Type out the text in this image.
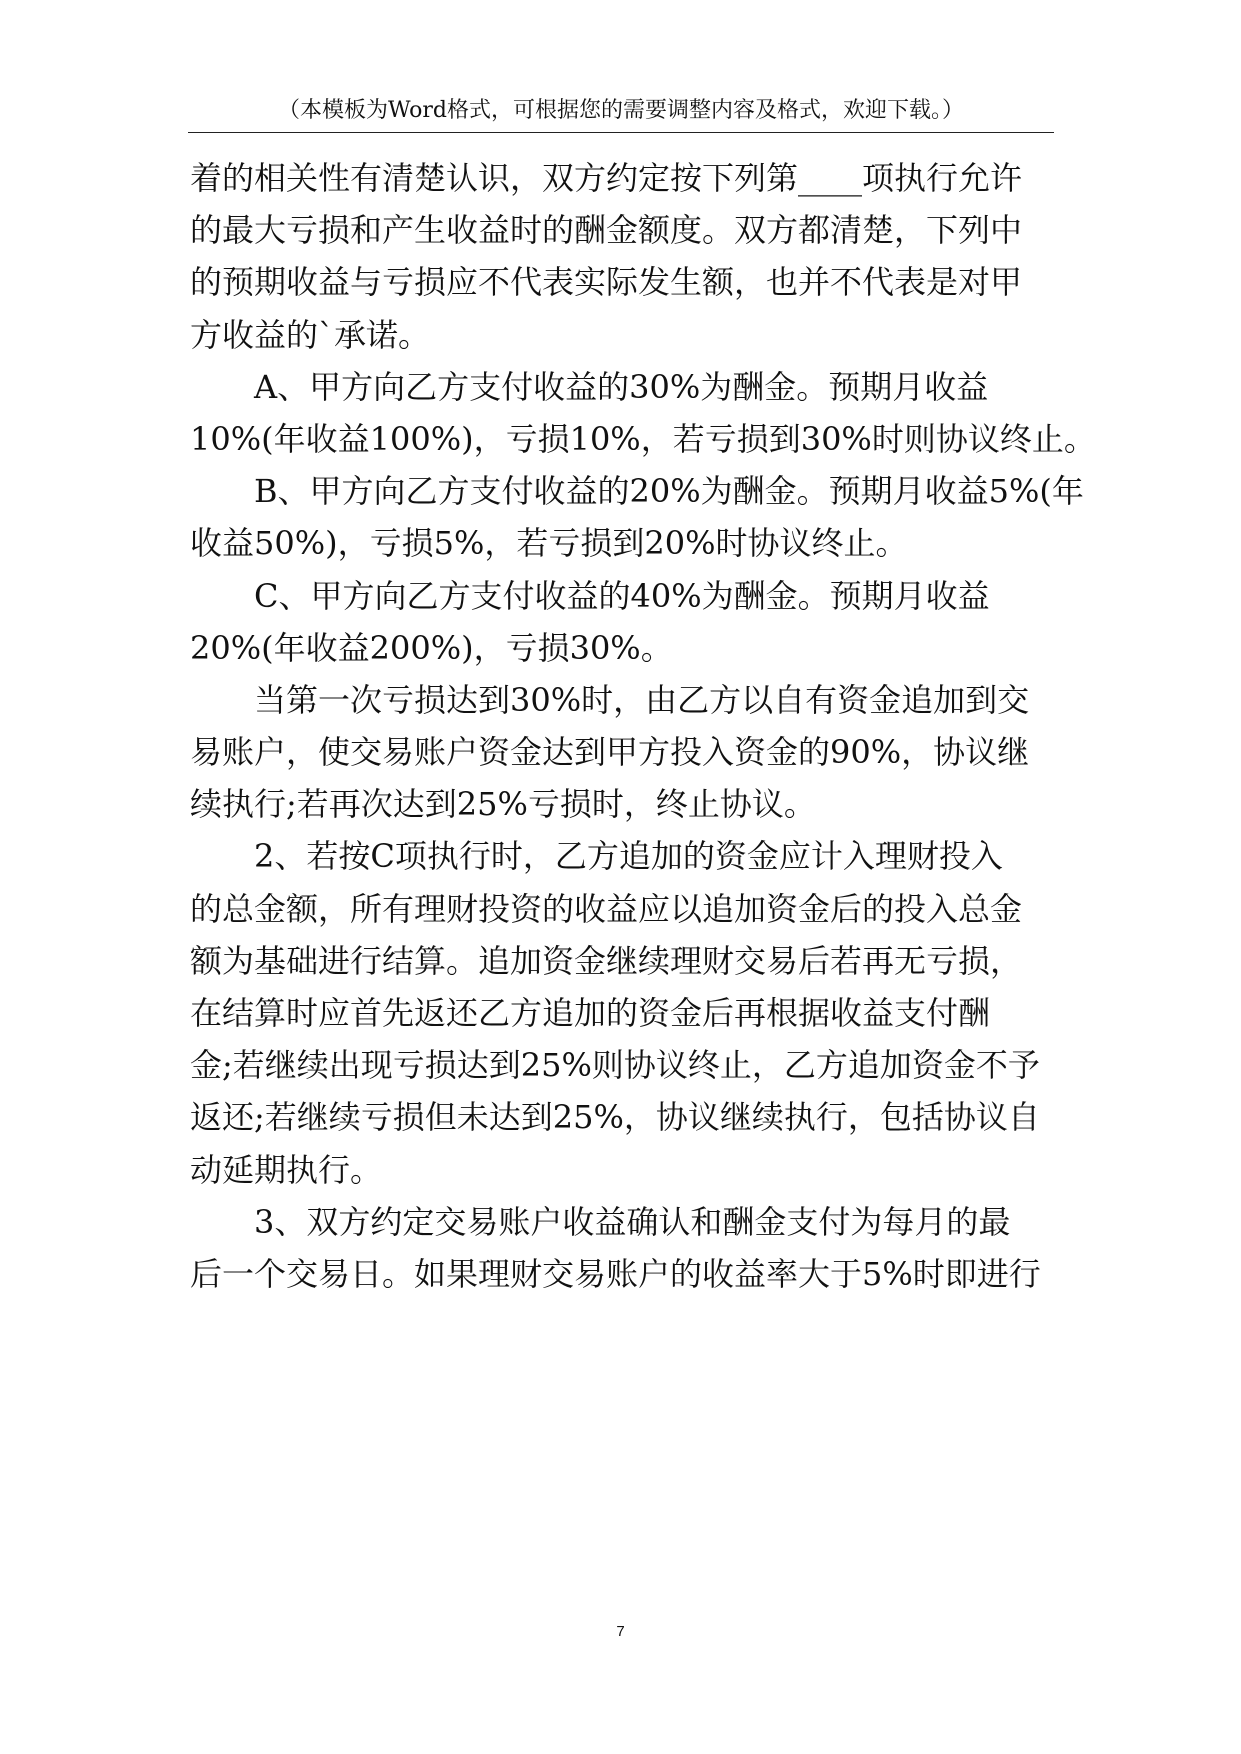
（本模板为Word格式，可根据您的需要调整内容及格式，欢迎下载。）
着的相关性有清楚认识，双方约定按下列第____项执行允许
的最大亏损和产生收益时的酬金额度。双方都清楚，下列中
的预期收益与亏损应不代表实际发生额，也并不代表是对甲
方收益的`承诺。
A、甲方向乙方支付收益的30%为酬金。预期月收益
10%(年收益100%)，亏损10%，若亏损到30%时则协议终止。
B、甲方向乙方支付收益的20%为酬金。预期月收益5%(年
收益50%)，亏损5%，若亏损到20%时协议终止。
C、甲方向乙方支付收益的40%为酬金。预期月收益
20%(年收益200%)，亏损30%。
当第一次亏损达到30%时，由乙方以自有资金追加到交
易账户，使交易账户资金达到甲方投入资金的90%，协议继
续执行;若再次达到25%亏损时，终止协议。
2、若按C项执行时，乙方追加的资金应计入理财投入
的总金额，所有理财投资的收益应以追加资金后的投入总金
额为基础进行结算。追加资金继续理财交易后若再无亏损，
在结算时应首先返还乙方追加的资金后再根据收益支付酬
金;若继续出现亏损达到25%则协议终止，乙方追加资金不予
返还;若继续亏损但未达到25%，协议继续执行，包括协议自
动延期执行。
3、双方约定交易账户收益确认和酬金支付为每月的最
后一个交易日。如果理财交易账户的收益率大于5%时即进行
7
